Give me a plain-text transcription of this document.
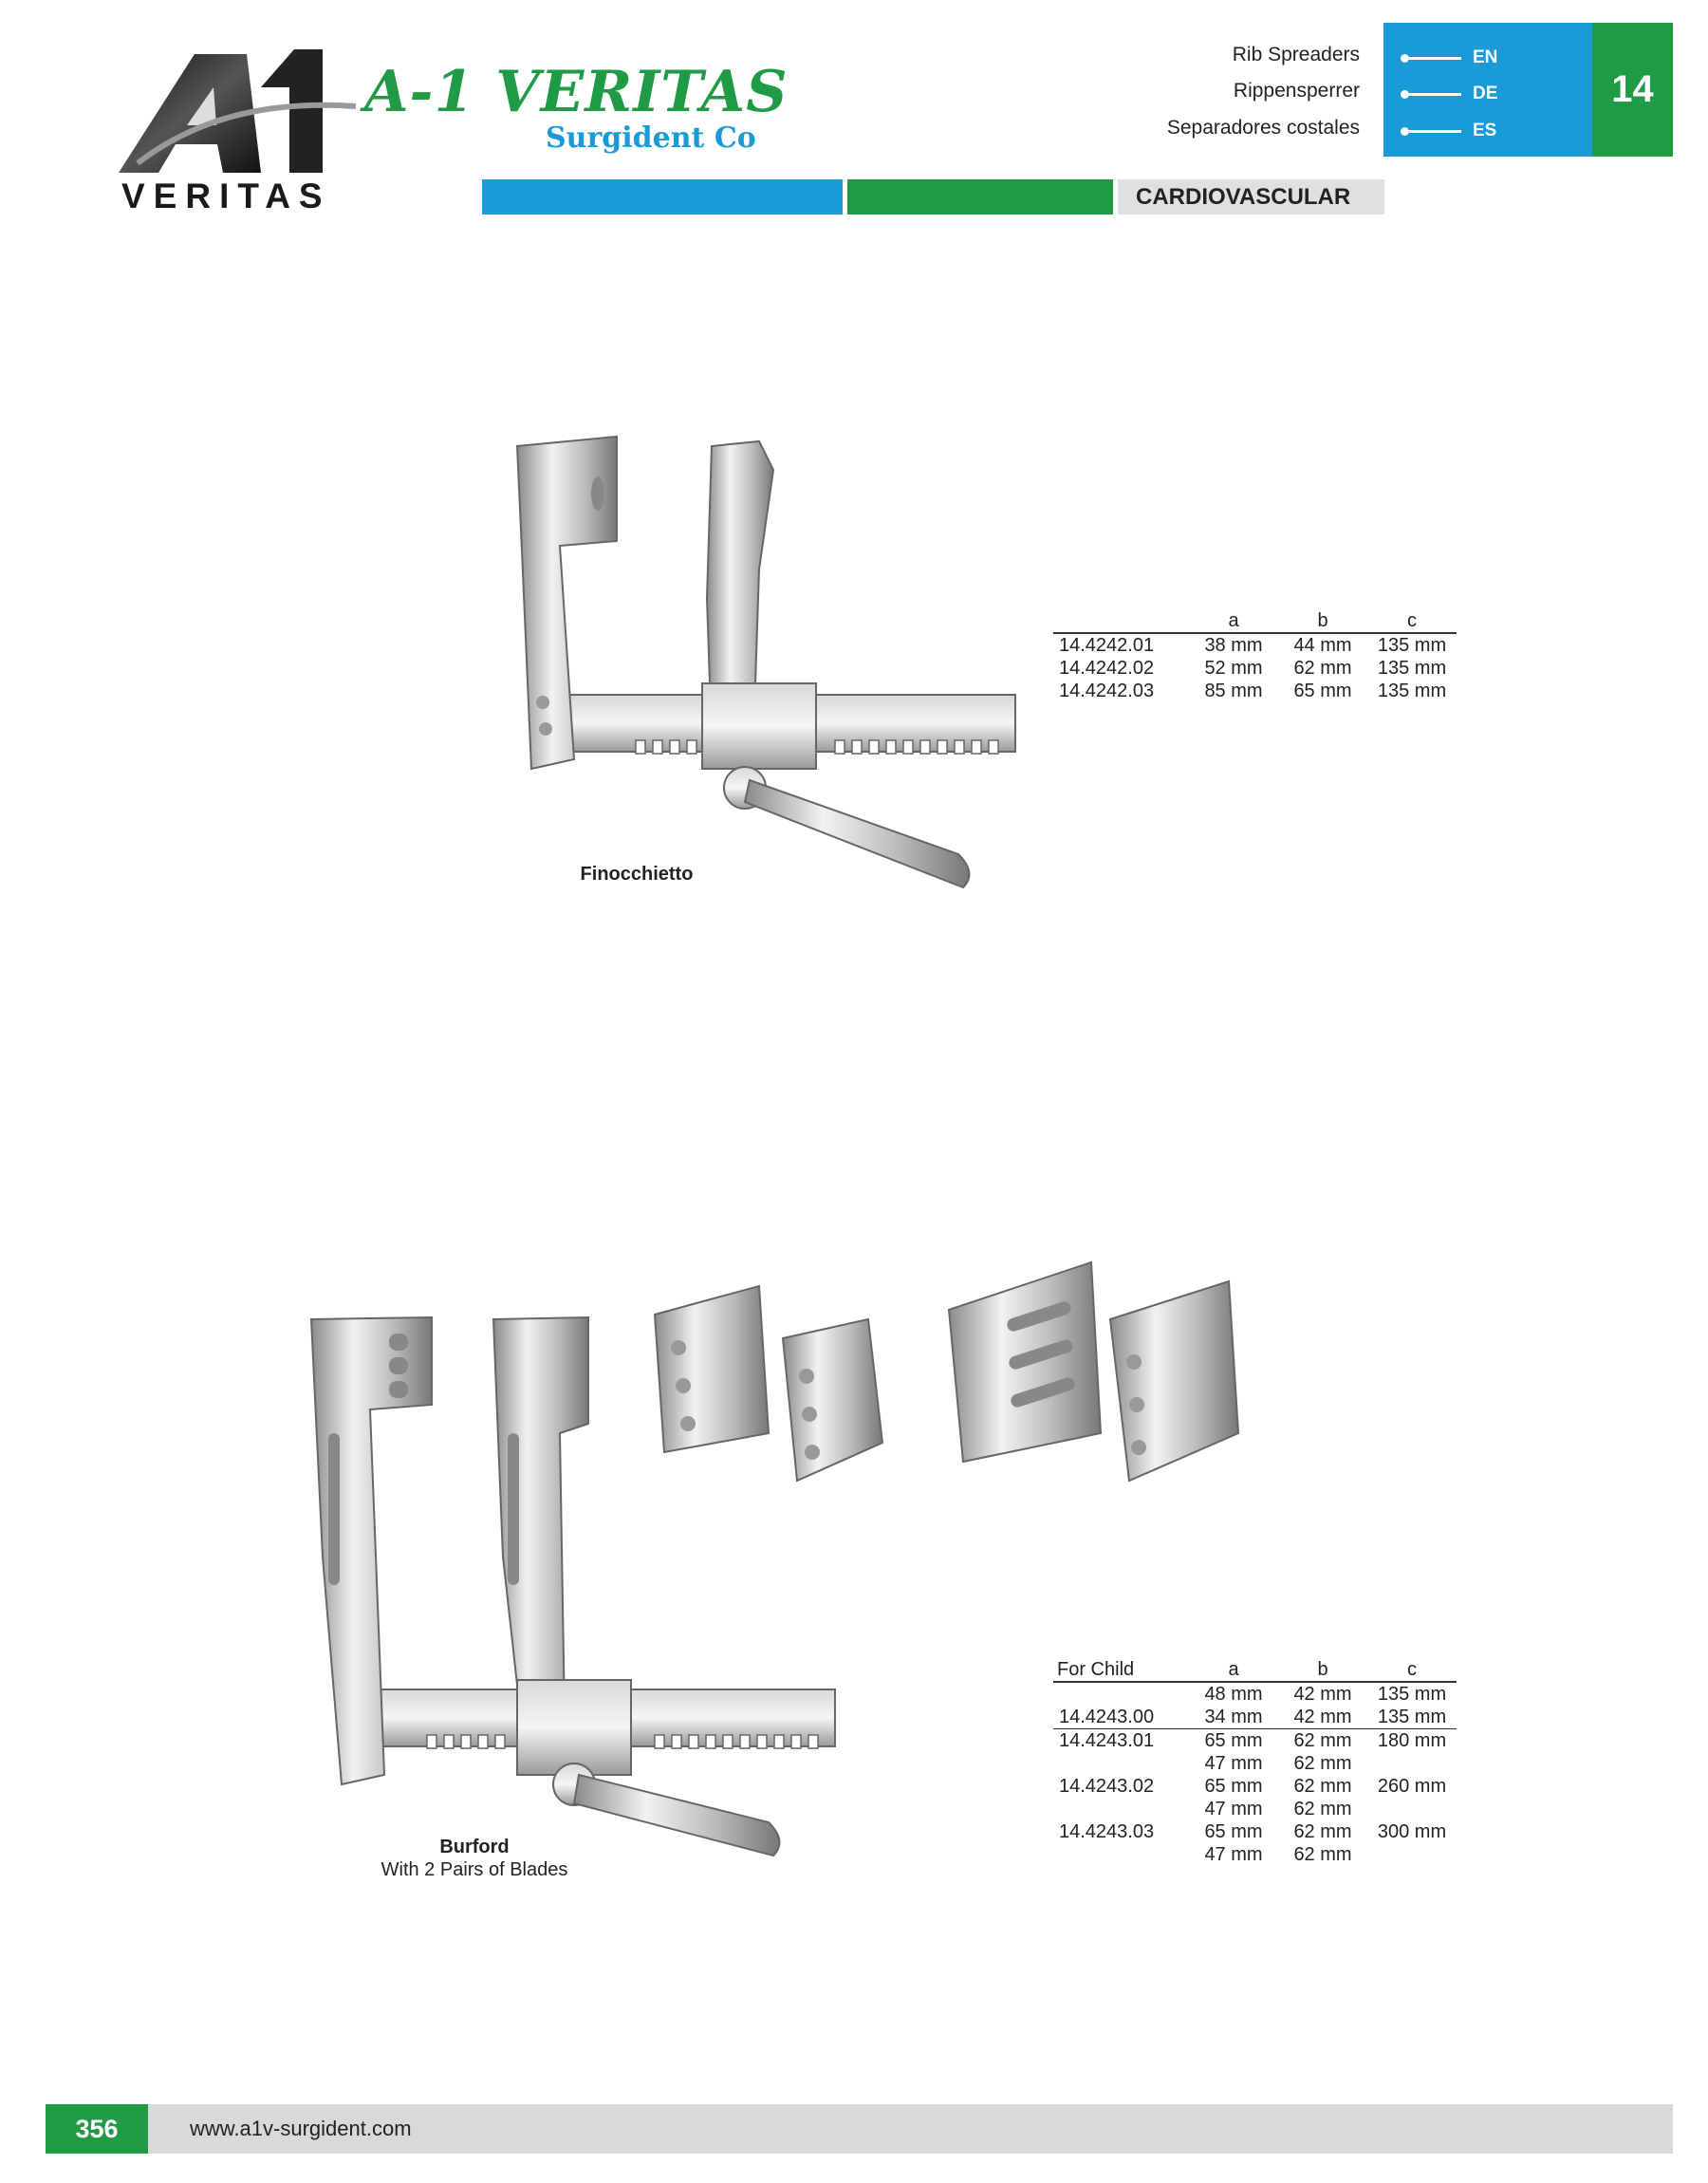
VERITAS
A-1 VERITAS
Surgident Co
Rib Spreaders
Rippensperrer
Separadores costales
EN
DE
ES
14
CARDIOVASCULAR
Finocchietto
	a	b	c
14.4242.01	38 mm	44 mm	135 mm
14.4242.02	52 mm	62 mm	135 mm
14.4242.03	85 mm	65 mm	135 mm
Burford
With 2 Pairs of Blades
For Child	a	b	c
	48 mm	42 mm	135 mm
14.4243.00	34 mm	42 mm	135 mm
14.4243.01	65 mm	62 mm	180 mm
	47 mm	62 mm	
14.4243.02	65 mm	62 mm	260 mm
	47 mm	62 mm	
14.4243.03	65 mm	62 mm	300 mm
	47 mm	62 mm	
356	www.a1v-surgident.com
